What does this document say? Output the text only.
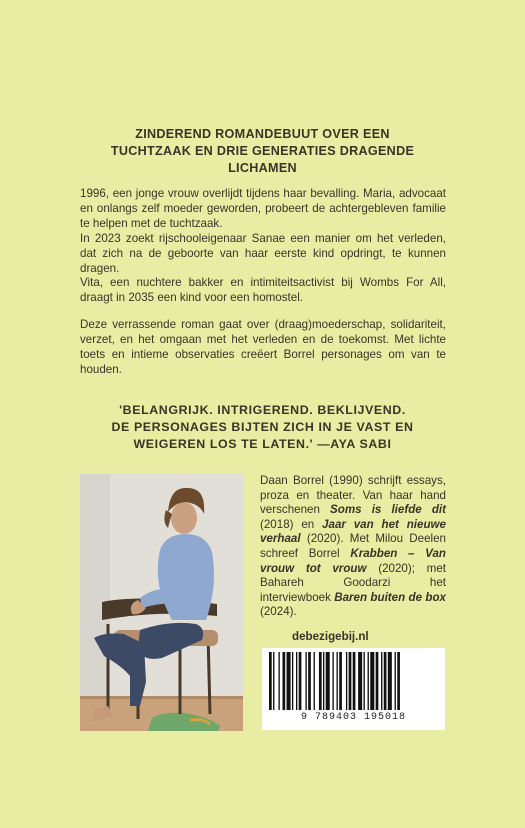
ZINDEREND ROMANDEBUUT OVER EEN
TUCHTZAAK EN DRIE GENERATIES DRAGENDE
LICHAMEN

1996, een jonge vrouw overlijdt tijdens haar bevalling. Maria, advocaat en onlangs zelf moeder geworden, probeert de achtergebleven familie te helpen met de tuchtzaak.

In 2023 zoekt rijschooleigenaar Sanae een manier om het verleden, dat zich na de geboorte van haar eerste kind opdringt, te kunnen dragen.

Vita, een nuchtere bakker en intimiteitsactivist bij Wombs For All, draagt in 2035 een kind voor een homostel.

Deze verrassende roman gaat over (draag)moederschap, solidariteit, verzet, en het omgaan met het verleden en de toekomst. Met lichte toets en intieme observaties creëert Borrel personages om van te houden.

'BELANGRIJK. INTRIGEREND. BEKLIJVEND.
DE PERSONAGES BIJTEN ZICH IN JE VAST EN
WEIGEREN LOS TE LATEN.' —AYA SABI
Daan Borrel (1990) schrijft essays, proza en theater. Van haar hand verschenen Soms is liefde dit (2018) en Jaar van het nieuwe verhaal (2020). Met Milou Deelen schreef Borrel Krabben – Van vrouw tot vrouw (2020); met Bahareh Goodarzi het interviewboek Baren buiten de box (2024).
debezigebij.nl
9 789403 195018
